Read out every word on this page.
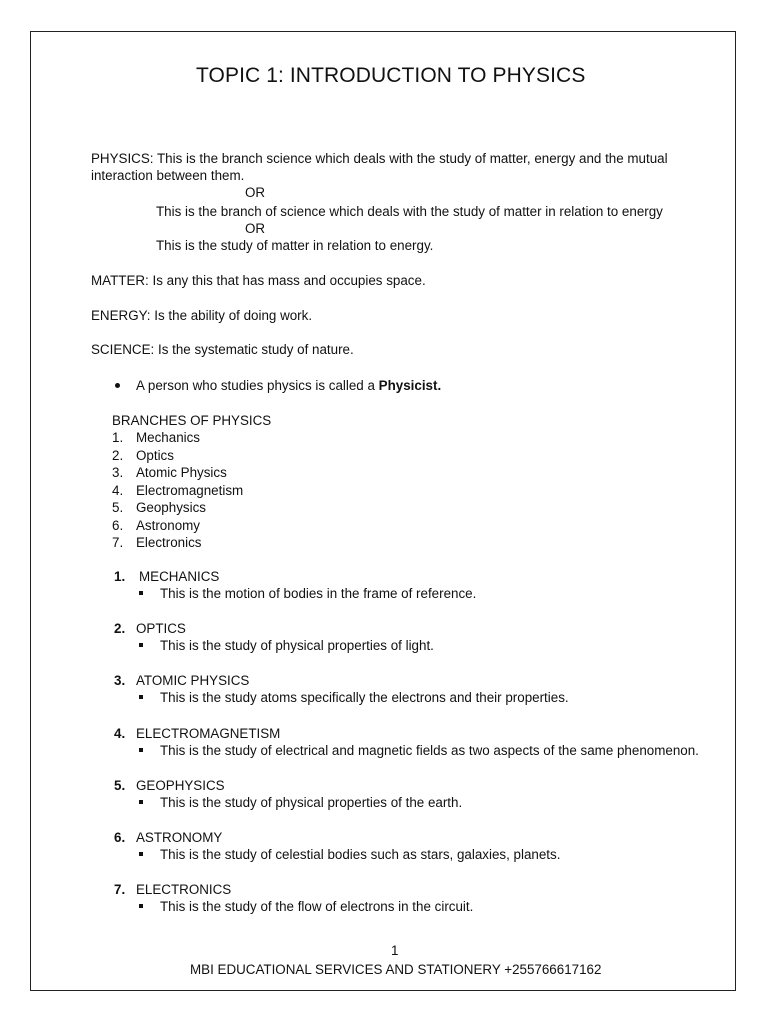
TOPIC 1: INTRODUCTION TO PHYSICS
PHYSICS: This is the branch science which deals with the study of matter, energy and the mutual
interaction between them.
OR
This is the branch of science which deals with the study of matter in relation to energy
OR
This is the study of matter in relation to energy.
MATTER: Is any this that has mass and occupies space.
ENERGY: Is the ability of doing work.
SCIENCE: Is the systematic study of nature.
A person who studies physics is called a Physicist.
BRANCHES OF PHYSICS
1. Mechanics
2. Optics
3. Atomic Physics
4. Electromagnetism
5. Geophysics
6. Astronomy
7. Electronics
1. MECHANICS
This is the motion of bodies in the frame of reference.
2. OPTICS
This is the study of physical properties of light.
3. ATOMIC PHYSICS
This is the study atoms specifically the electrons and their properties.
4. ELECTROMAGNETISM
This is the study of electrical and magnetic fields as two aspects of the same phenomenon.
5. GEOPHYSICS
This is the study of physical properties of the earth.
6. ASTRONOMY
This is the study of celestial bodies such as stars, galaxies, planets.
7. ELECTRONICS
This is the study of the flow of electrons in the circuit.
1
MBI EDUCATIONAL SERVICES AND STATIONERY +255766617162
